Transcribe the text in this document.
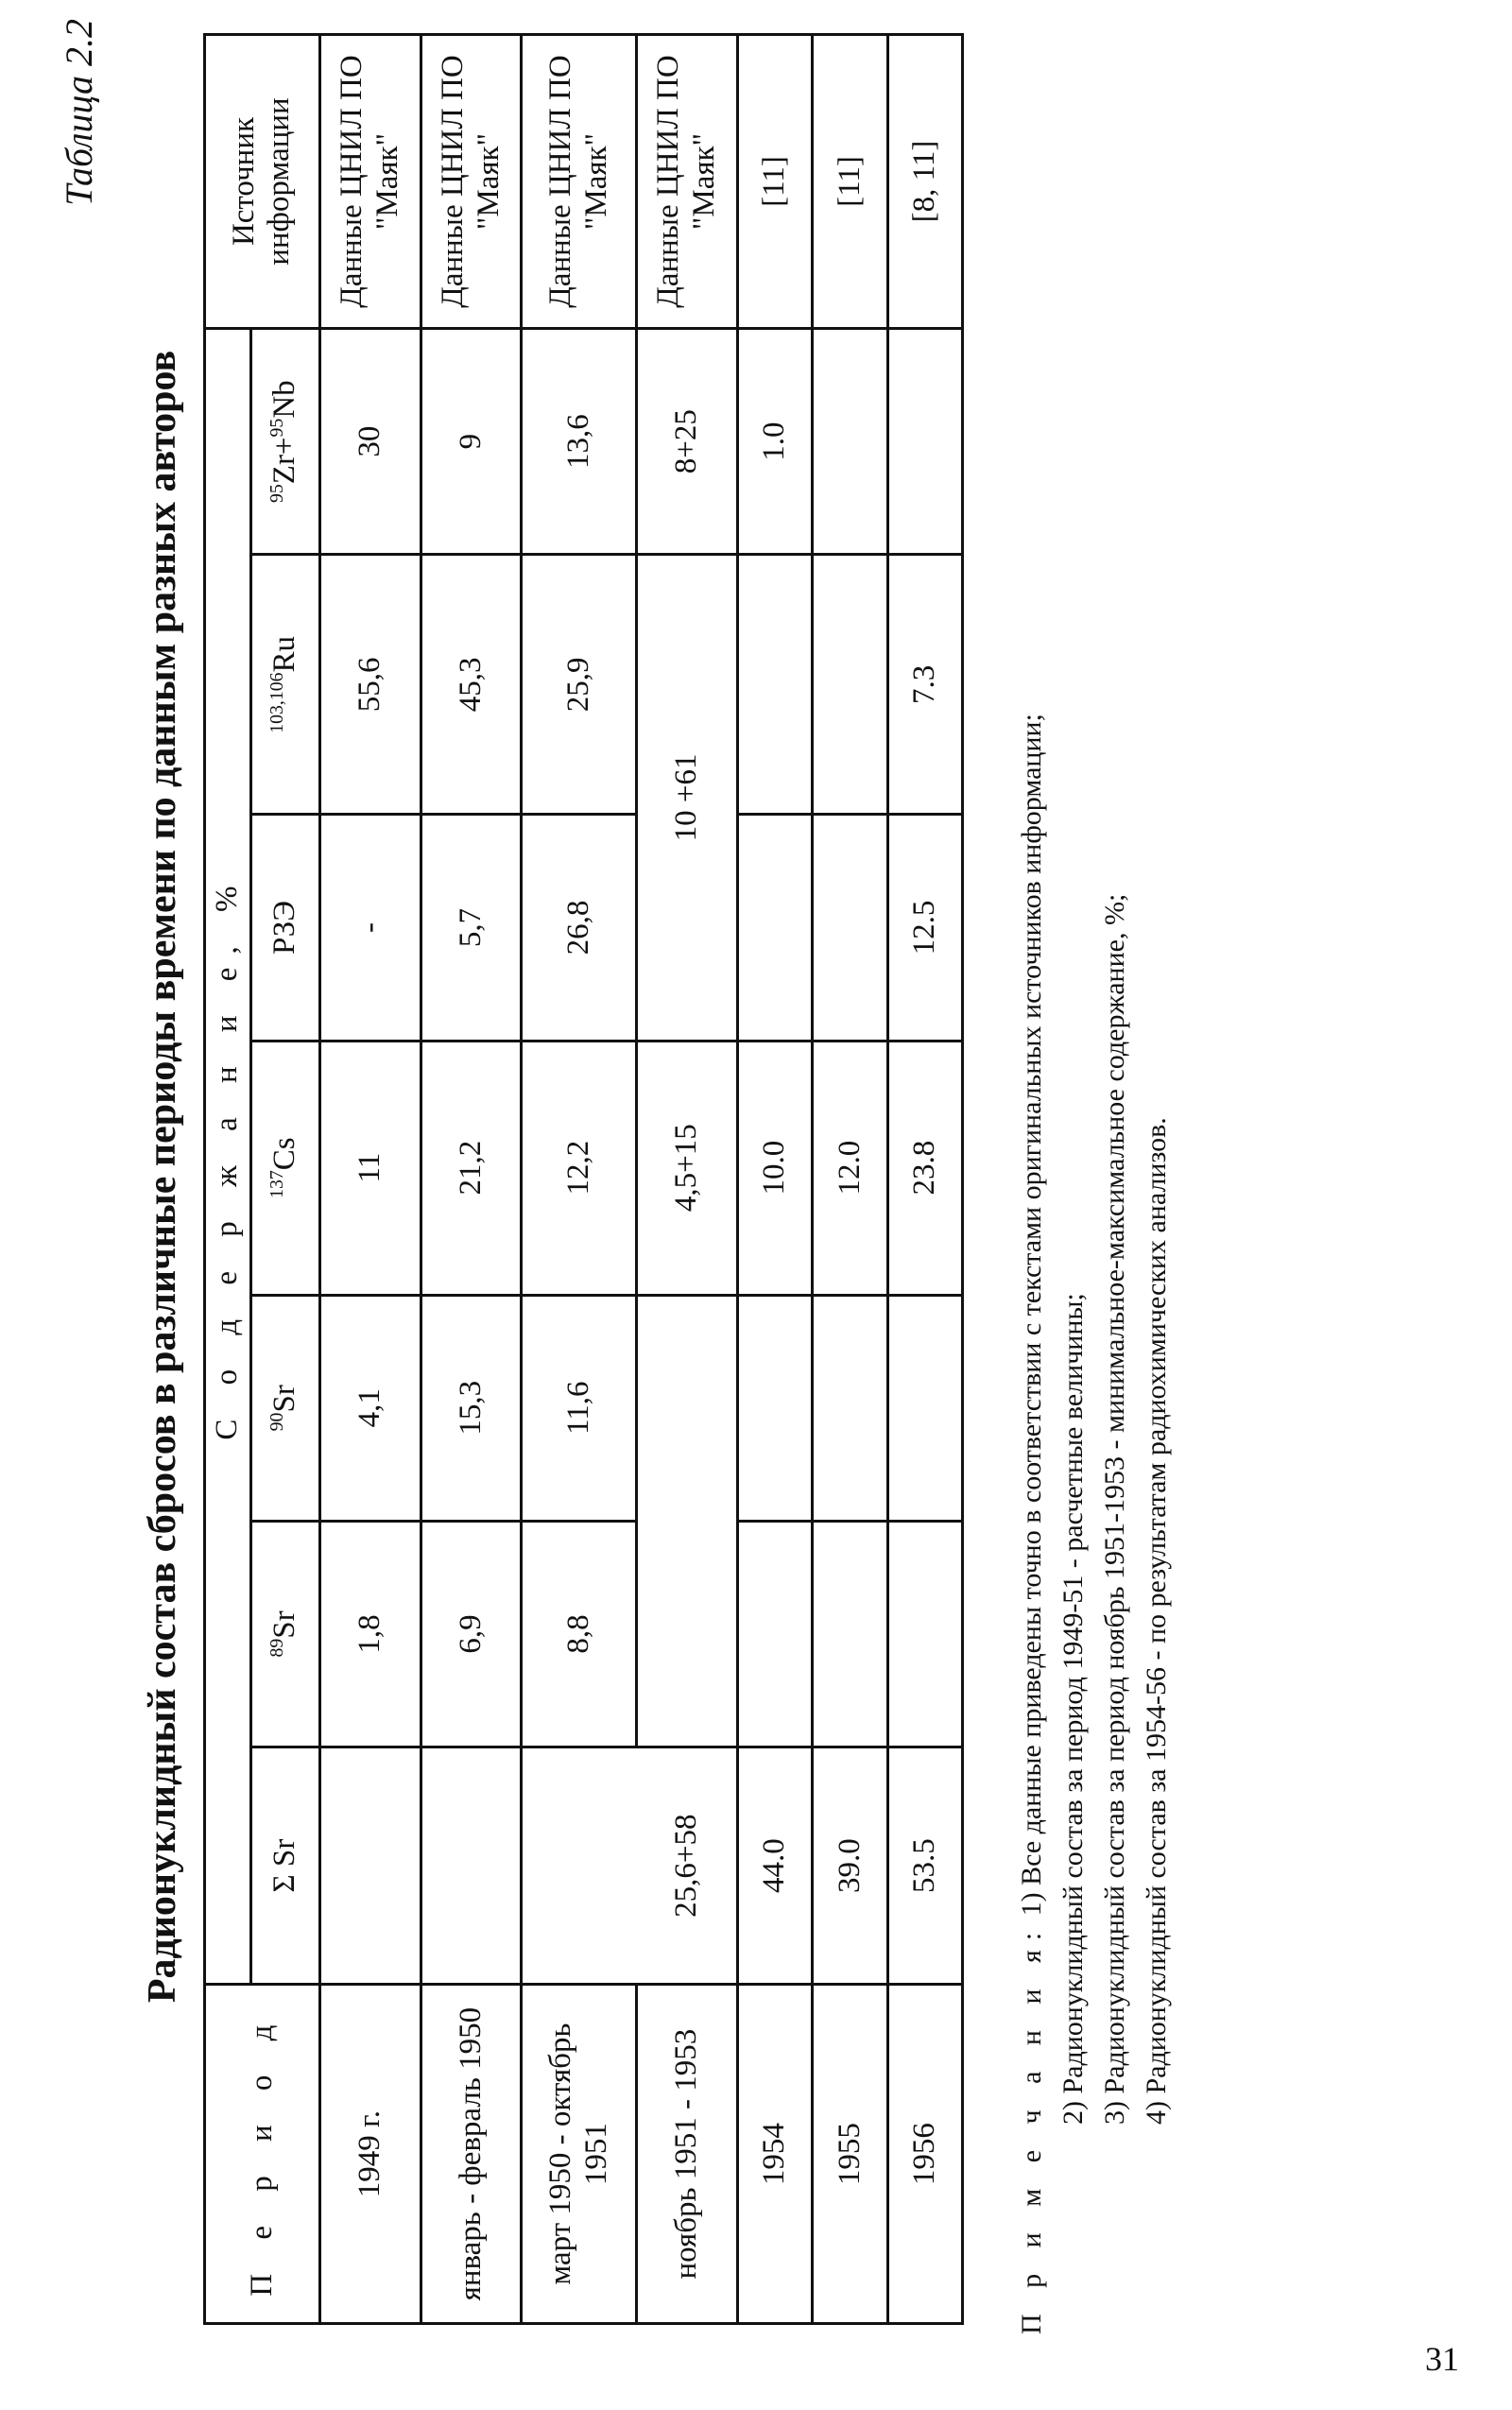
Таблица 2.2
Радионуклидный состав сбросов в различные периоды времени по данным разных авторов
П е р и о д	С о д е р ж а н и е, %							Источник информации
	Σ Sr	$^{89}$Sr	$^{90}$Sr	$^{137}$Cs	РЗЭ	$^{103,106}$Ru	$^{95}$Zr+$^{95}$Nb	
1949 г.		1,8	4,1	11	-	55,6	30	Данные ЦНИЛ ПО "Маяк"
январь - февраль 1950		6,9	15,3	21,2	5,7	45,3	9	Данные ЦНИЛ ПО "Маяк"
март 1950 - октябрь 1951		8,8	11,6	12,2	26,8	25,9	13,6	Данные ЦНИЛ ПО "Маяк"
ноябрь 1951 - 1953	25,6+58			4,5+15	10 +61		8+25	Данные ЦНИЛ ПО "Маяк"
1954	44.0			10.0			1.0	[11]
1955	39.0			12.0				[11]
1956	53.5			23.8	12.5	7.3		[8, 11]
П р и м е ч а н и я: 1) Все данные приведены точно в соответствии с текстами оригинальных источников информации; 2) Радионуклидный состав за период 1949-51 - расчетные величины; 3) Радионуклидный состав за период ноябрь 1951-1953 - минимальное-максимальное содержание, %; 4) Радионуклидный состав за 1954-56 - по результатам радиохимических анализов.
31
